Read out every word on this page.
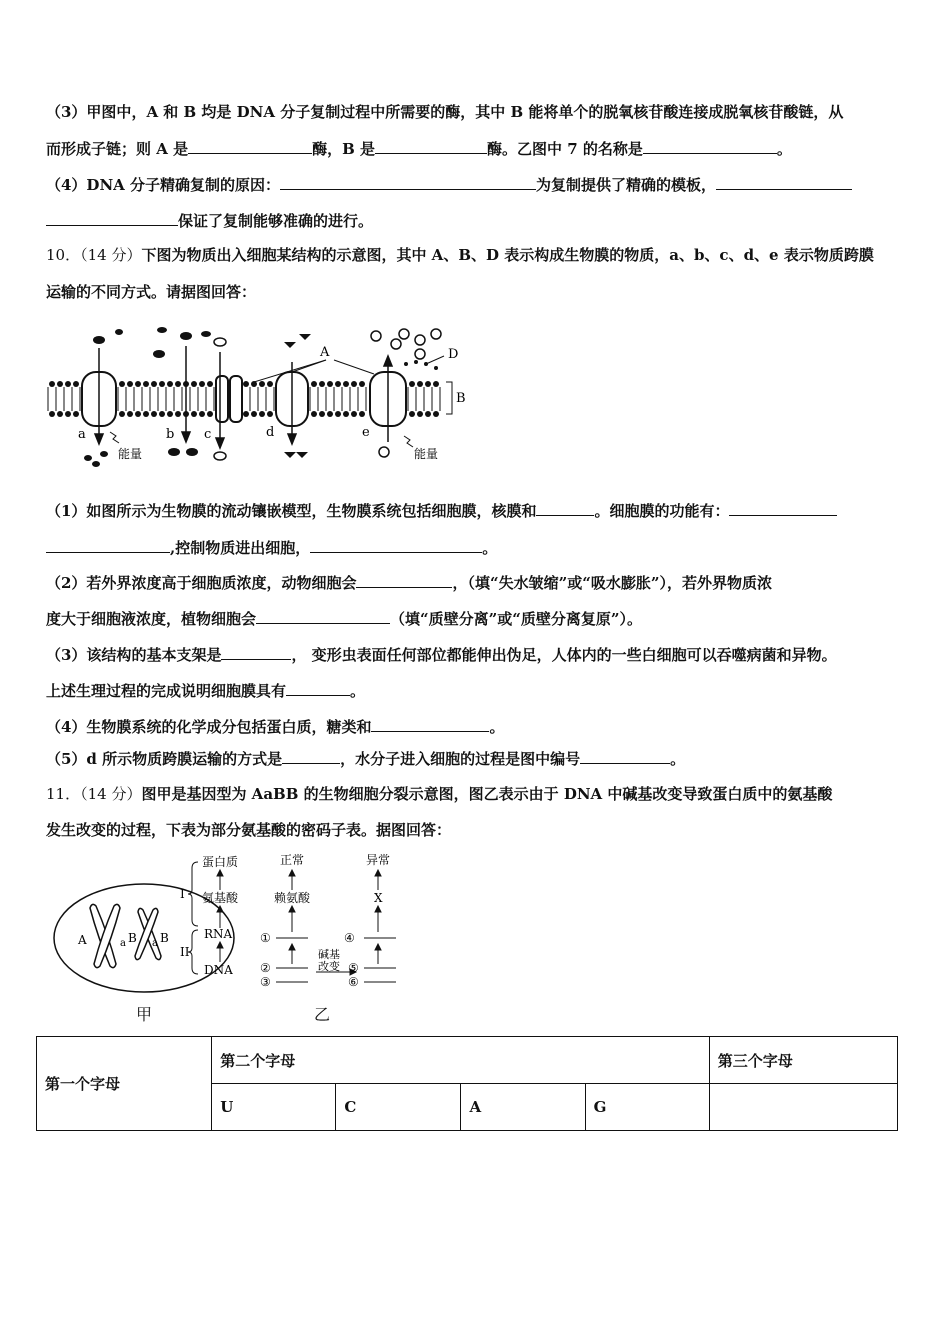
（3）甲图中，A 和 B 均是 DNA 分子复制过程中所需要的酶，其中 B 能将单个的脱氧核苷酸连接成脱氧核苷酸链，从
而形成子链；则 A 是	酶，B 是	酶。乙图中 7 的名称是	。
（4）DNA 分子精确复制的原因：	为复制提供了精确的模板，
保证了复制能够准确的进行。
10．（14 分）下图为物质出入细胞某结构的示意图，其中 A、B、D 表示构成生物膜的物质，a、b、c、d、e 表示物质跨膜
运输的不同方式。请据图回答：
A	D
B
a	b c	d	e
能量	能量
（1）如图所示为生物膜的流动镶嵌模型，生物膜系统包括细胞膜，核膜和	。细胞膜的功能有：
,控制物质进出细胞，	。
（2）若外界浓度高于细胞质浓度，动物细胞会	，（填“失水皱缩”或“吸水膨胀”），若外界物质浓
度大于细胞液浓度，植物细胞会	（填“质壁分离”或“质壁分离复原”）。
（3）该结构的基本支架是	， 变形虫表面任何部位都能伸出伪足，人体内的一些白细胞可以吞噬病菌和异物。
上述生理过程的完成说明细胞膜具有	。
（4）生物膜系统的化学成分包括蛋白质，糖类和	。
（5）d 所示物质跨膜运输的方式是	，水分子进入细胞的过程是图中编号	。
11．（14 分）图甲是基因型为 AaBB 的生物细胞分裂示意图，图乙表示由于 DNA 中碱基改变导致蛋白质中的氨基酸
发生改变的过程，下表为部分氨基酸的密码子表。据图回答：
A	a B a B
甲
I
II
蛋白质
氨基酸
RNA
DNA
正常	异常
赖氨酸	X
①
②
③
④
⑤
⑥
碱基
改变
乙
第一个字母	第二个字母				第三个字母
	U	C	A	G	
